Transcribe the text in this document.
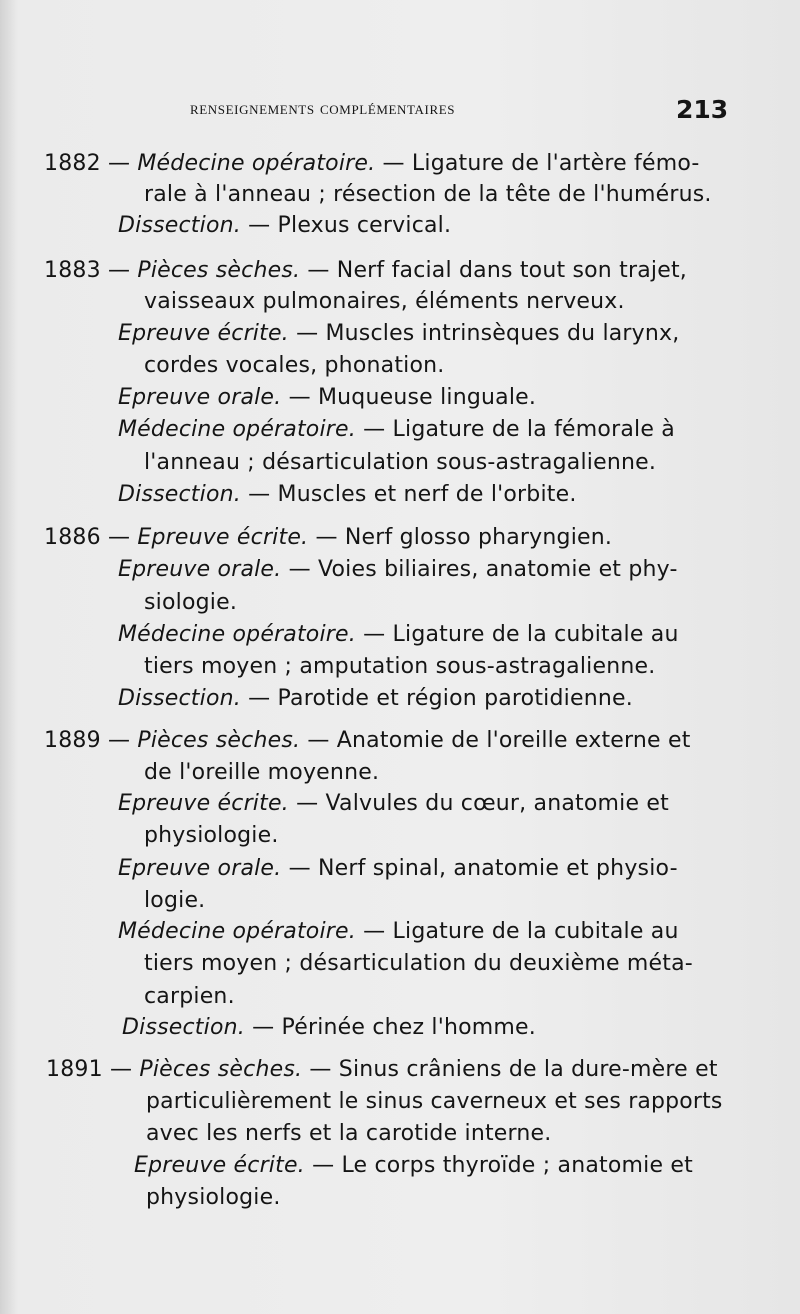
renseignements complémentaires	213
1882 — Médecine opératoire. — Ligature de l'artère fémo-
rale à l'anneau ; résection de la tête de l'humérus.
Dissection. — Plexus cervical.
1883 — Pièces sèches. — Nerf facial dans tout son trajet,
vaisseaux pulmonaires, éléments nerveux.
Epreuve écrite. — Muscles intrinsèques du larynx,
cordes vocales, phonation.
Epreuve orale. — Muqueuse linguale.
Médecine opératoire. — Ligature de la fémorale à
l'anneau ; désarticulation sous-astragalienne.
Dissection. — Muscles et nerf de l'orbite.
1886 — Epreuve écrite. — Nerf glosso pharyngien.
Epreuve orale. — Voies biliaires, anatomie et phy-
siologie.
Médecine opératoire. — Ligature de la cubitale au
tiers moyen ; amputation sous-astragalienne.
Dissection. — Parotide et région parotidienne.
1889 — Pièces sèches. — Anatomie de l'oreille externe et
de l'oreille moyenne.
Epreuve écrite. — Valvules du cœur, anatomie et
physiologie.
Epreuve orale. — Nerf spinal, anatomie et physio-
logie.
Médecine opératoire. — Ligature de la cubitale au
tiers moyen ; désarticulation du deuxième méta-
carpien.
Dissection. — Périnée chez l'homme.
1891 — Pièces sèches. — Sinus crâniens de la dure-mère et
particulièrement le sinus caverneux et ses rapports
avec les nerfs et la carotide interne.
Epreuve écrite. — Le corps thyroïde ; anatomie et
physiologie.
